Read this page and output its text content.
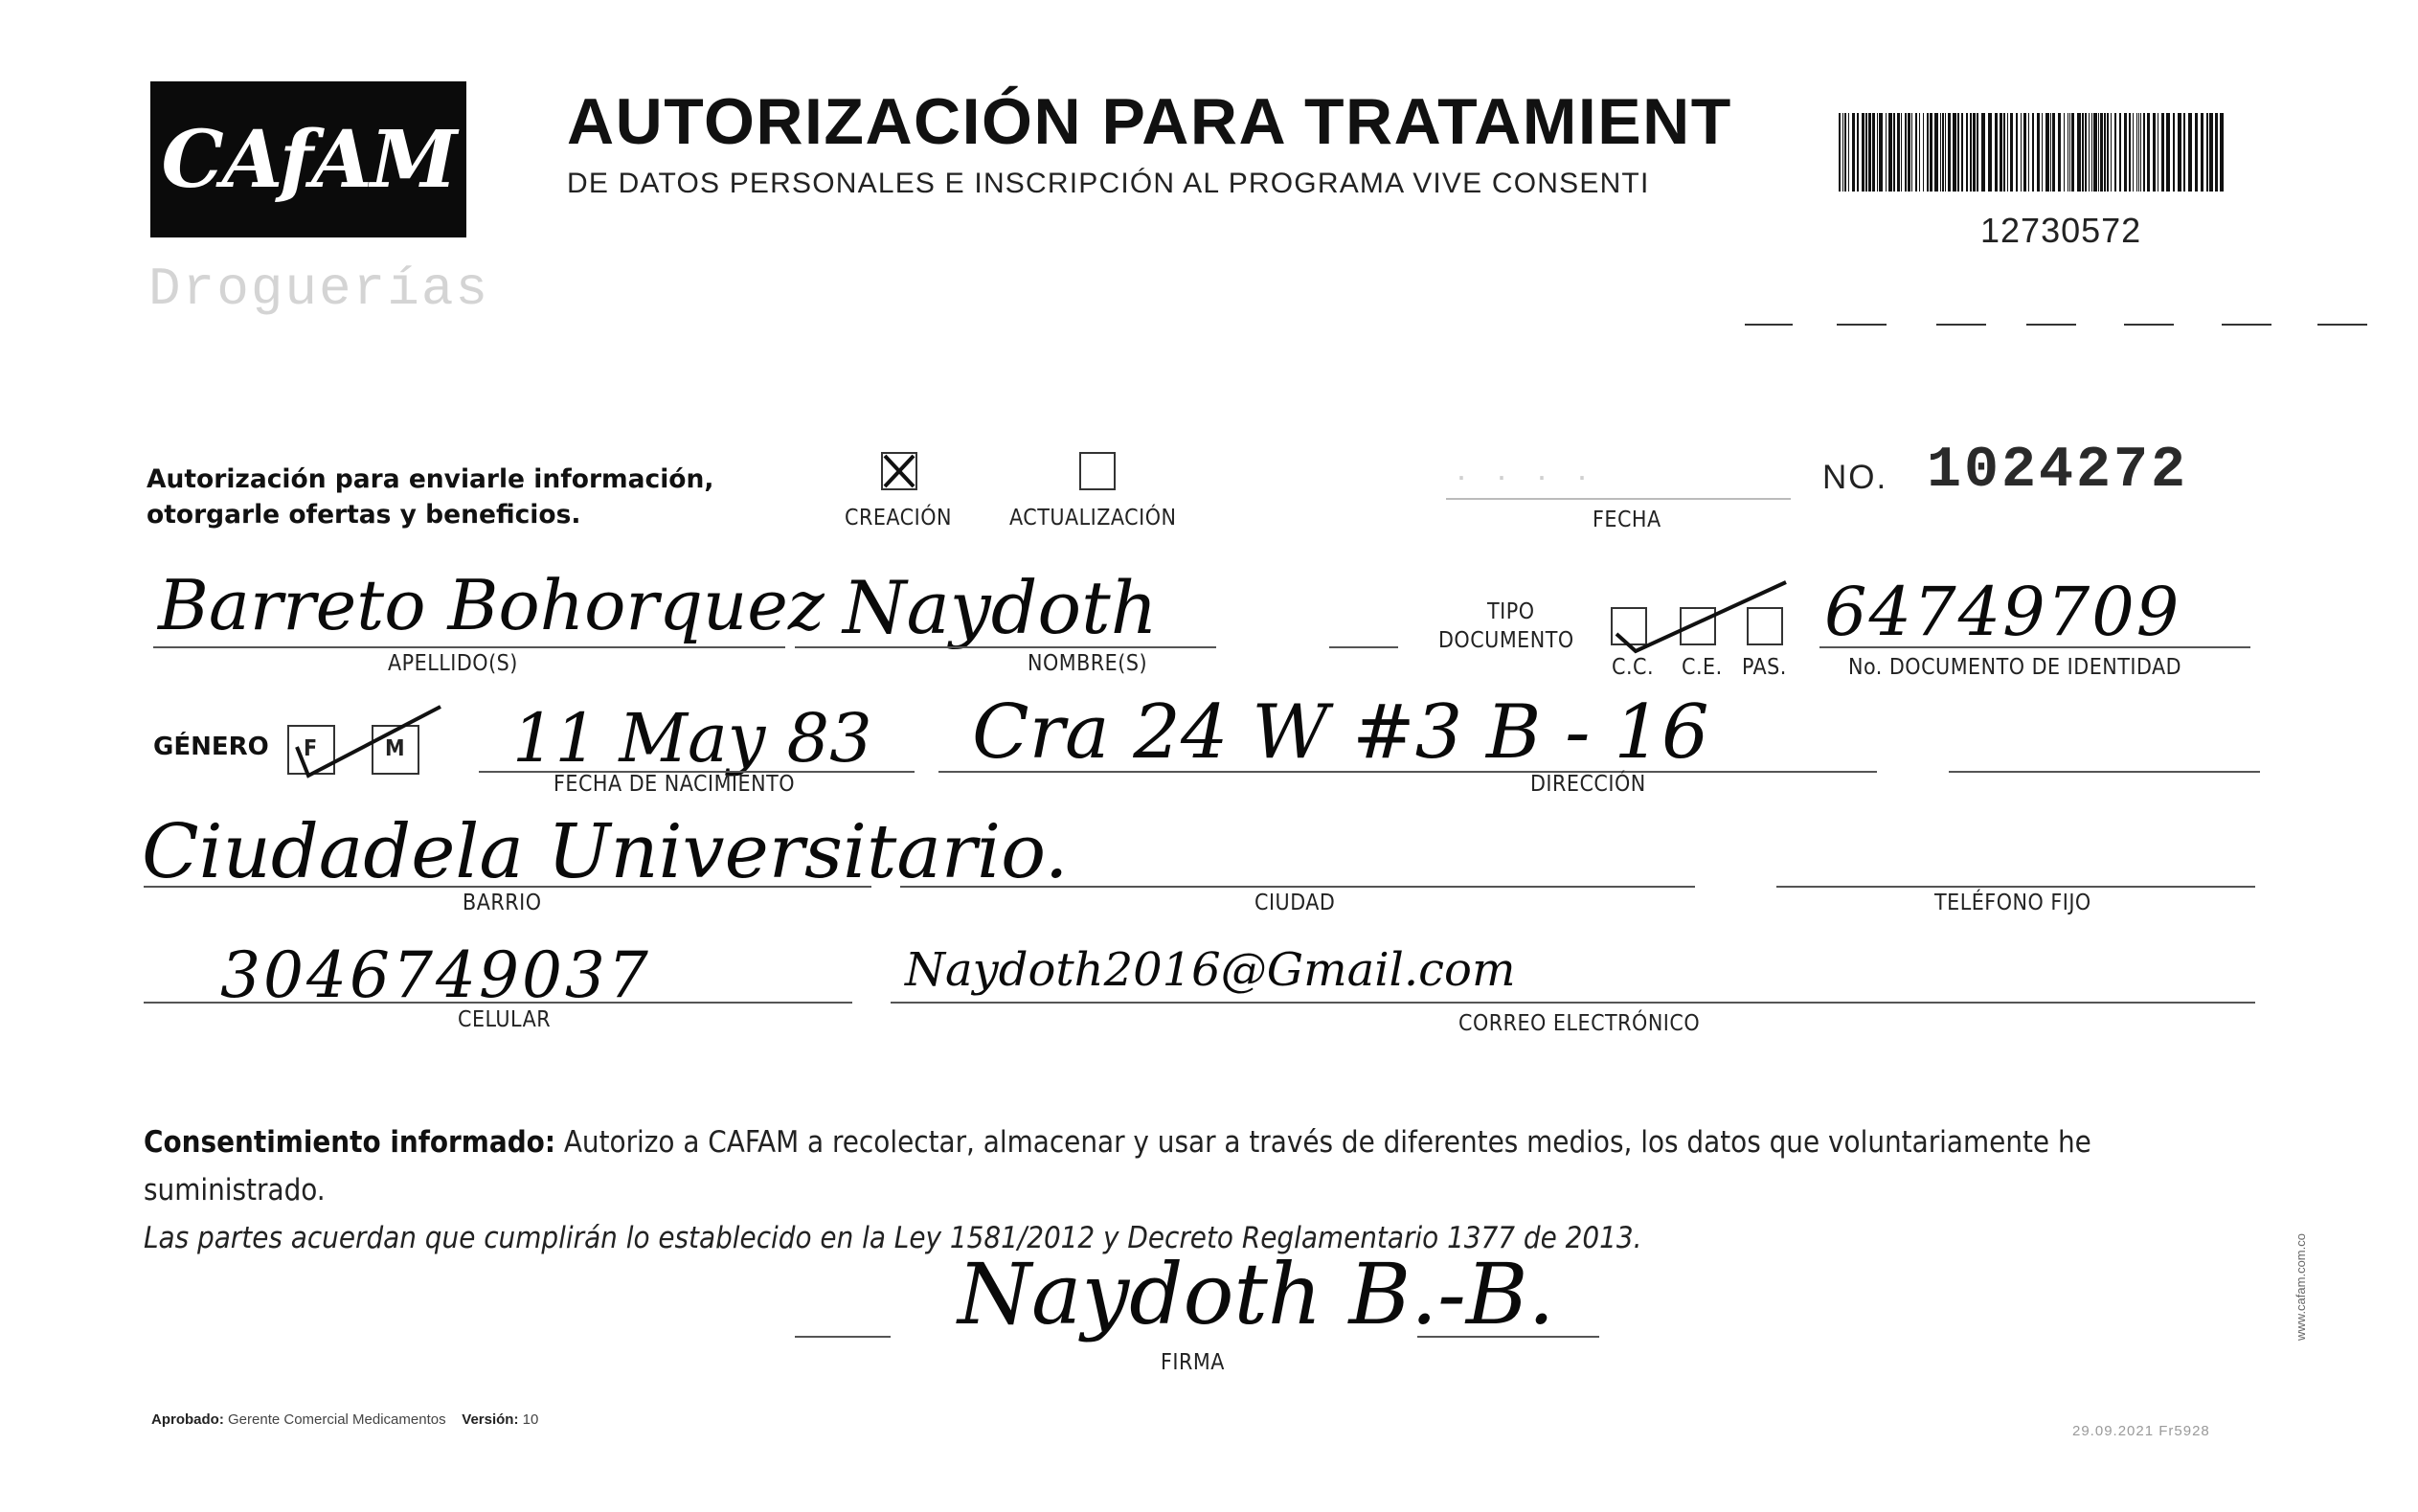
CAfAM
Droguerías
AUTORIZACIÓN PARA TRATAMIENT
DE DATOS PERSONALES E INSCRIPCIÓN AL PROGRAMA VIVE CONSENTI
12730572
Autorización para enviarle información,
otorgarle ofertas y beneficios.	CREACIÓN	ACTUALIZACIÓN
· · · ·
FECHA
NO. 1024272
Barreto Bohorquez
APELLIDO(S)
Naydoth
NOMBRE(S)
TIPO
DOCUMENTO
C.C. C.E. PAS.
64749709
No. DOCUMENTO DE IDENTIDAD
GÉNERO F	M 11 May 83
FECHA DE NACIMIENTO
Cra 24 W #3 B - 16
DIRECCIÓN
Ciudadela Universitario.
BARRIO	CIUDAD	TELÉFONO FIJO
3046749037
CELULAR
Naydoth2016@Gmail.com
CORREO ELECTRÓNICO
Consentimiento informado: Autorizo a CAFAM a recolectar, almacenar y usar a través de diferentes medios, los datos que voluntariamente he suministrado.
Las partes acuerdan que cumplirán lo establecido en la Ley 1581/2012 y Decreto Reglamentario 1377 de 2013.
Naydoth B.-B.
FIRMA
Aprobado: Gerente Comercial Medicamentos Versión: 10
29.09.2021 Fr5928
www.cafam.com.co
